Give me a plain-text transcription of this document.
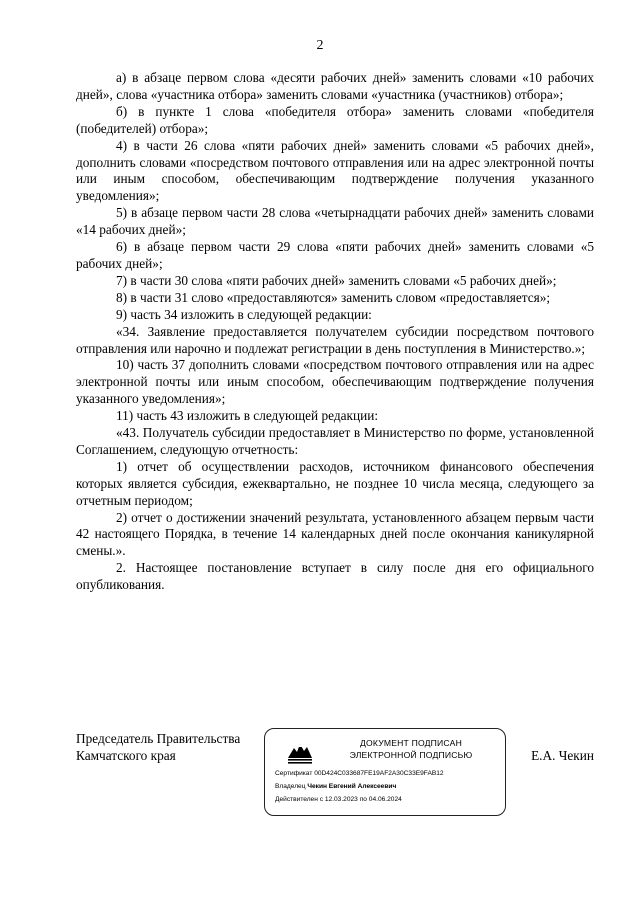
2

а) в абзаце первом слова «десяти рабочих дней» заменить словами «10 рабочих дней», слова «участника отбора» заменить словами «участника (участников) отбора»;

б) в пункте 1 слова «победителя отбора» заменить словами «победителя (победителей) отбора»;

4) в части 26 слова «пяти рабочих дней» заменить словами «5 рабочих дней», дополнить словами «посредством почтового отправления или на адрес электронной почты или иным способом, обеспечивающим подтверждение получения указанного уведомления»;

5) в абзаце первом части 28 слова «четырнадцати рабочих дней» заменить словами «14 рабочих дней»;

6) в абзаце первом части 29 слова «пяти рабочих дней» заменить словами «5 рабочих дней»;

7) в части 30 слова «пяти рабочих дней» заменить словами «5 рабочих дней»;

8) в части 31 слово «предоставляются» заменить словом «предоставляется»;

9) часть 34 изложить в следующей редакции:

«34. Заявление предоставляется получателем субсидии посредством почтового отправления или нарочно и подлежат регистрации в день поступления в Министерство.»;

10) часть 37 дополнить словами «посредством почтового отправления или на адрес электронной почты или иным способом, обеспечивающим подтверждение получения указанного уведомления»;

11) часть 43 изложить в следующей редакции:

«43. Получатель субсидии предоставляет в Министерство по форме, установленной Соглашением, следующую отчетность:

1) отчет об осуществлении расходов, источником финансового обеспечения которых является субсидия, ежеквартально, не позднее 10 числа месяца, следующего за отчетным периодом;

2) отчет о достижении значений результата, установленного абзацем первым части 42 настоящего Порядка, в течение 14 календарных дней после окончания каникулярной смены.».

2. Настоящее постановление вступает в силу после дня его официального опубликования.

Председатель Правительства
Камчатского края	Е.А. Чекин
ДОКУМЕНТ ПОДПИСАН
ЭЛЕКТРОННОЙ ПОДПИСЬЮ
Сертификат 00D424C033687FE19AF2A30C33E9FAB12
Владелец Чекин Евгений Алексеевич
Действителен с 12.03.2023 по 04.06.2024
